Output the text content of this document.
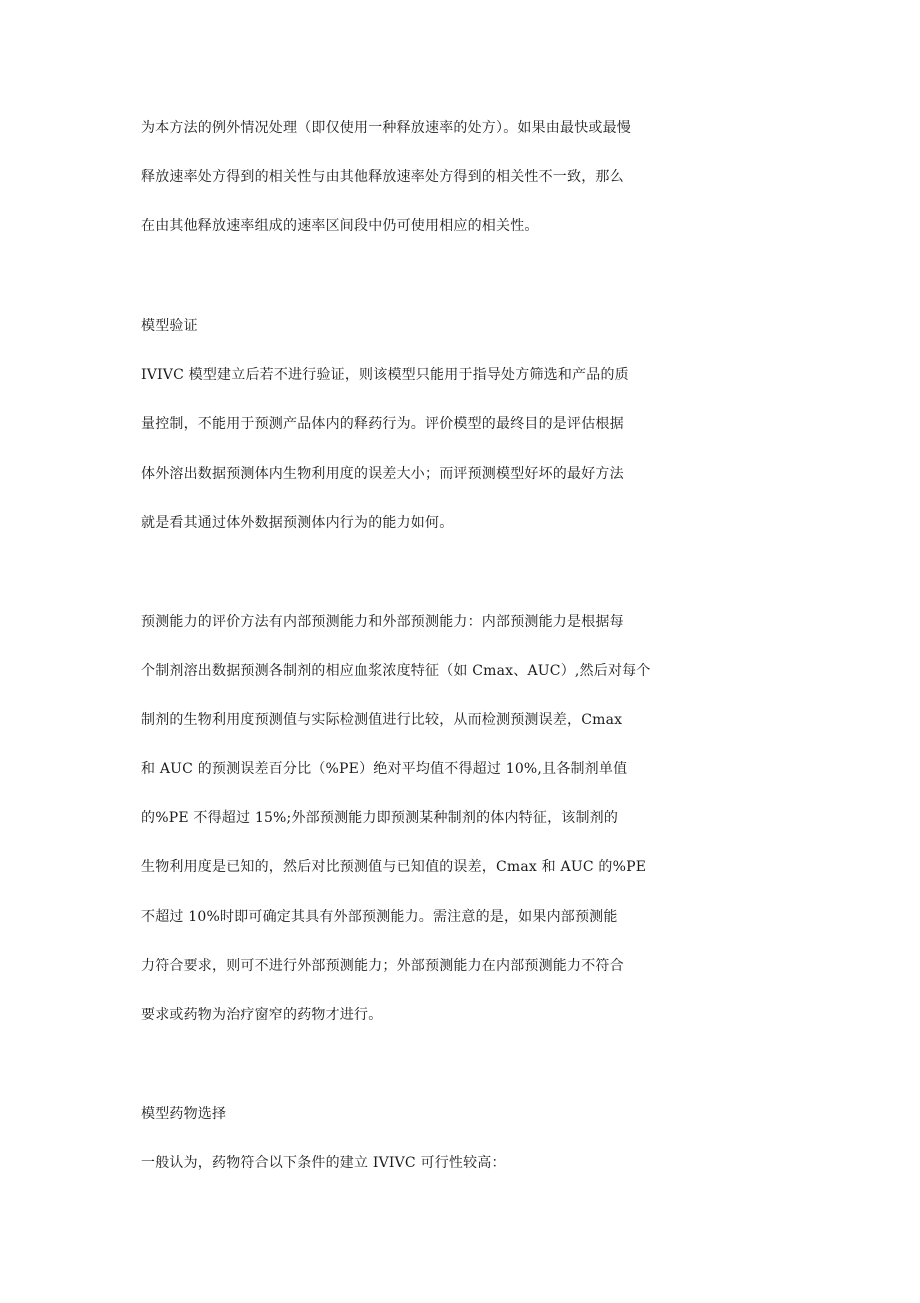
为本方法的例外情况处理（即仅使用一种释放速率的处方）。如果由最快或最慢
释放速率处方得到的相关性与由其他释放速率处方得到的相关性不一致，那么
在由其他释放速率组成的速率区间段中仍可使用相应的相关性。
模型验证
IVIVC 模型建立后若不进行验证，则该模型只能用于指导处方筛选和产品的质
量控制，不能用于预测产品体内的释药行为。评价模型的最终目的是评估根据
体外溶出数据预测体内生物利用度的误差大小；而评预测模型好坏的最好方法
就是看其通过体外数据预测体内行为的能力如何。
预测能力的评价方法有内部预测能力和外部预测能力：内部预测能力是根据每
个制剂溶出数据预测各制剂的相应血浆浓度特征（如 Cmax、AUC）,然后对每个
制剂的生物利用度预测值与实际检测值进行比较，从而检测预测误差，Cmax
和 AUC 的预测误差百分比（%PE）绝对平均值不得超过 10%,且各制剂单值
的%PE 不得超过 15%;外部预测能力即预测某种制剂的体内特征，该制剂的
生物利用度是已知的，然后对比预测值与已知值的误差，Cmax 和 AUC 的%PE
不超过 10%时即可确定其具有外部预测能力。需注意的是，如果内部预测能
力符合要求，则可不进行外部预测能力；外部预测能力在内部预测能力不符合
要求或药物为治疗窗窄的药物才进行。
模型药物选择
一般认为，药物符合以下条件的建立 IVIVC 可行性较高：
